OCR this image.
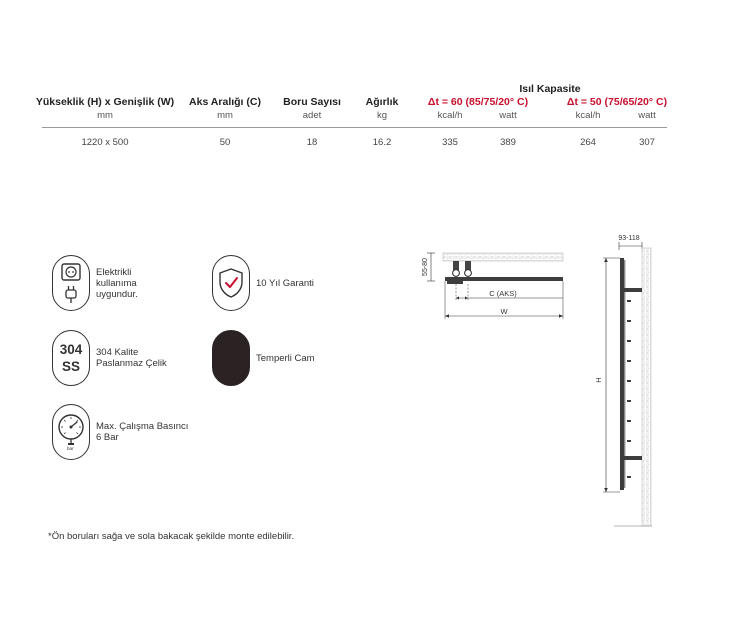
Isıl Kapasite
Yükseklik (H) x Genişlik (W)	Aks Aralığı (C)	Boru Sayısı	Ağırlık	Δt = 60 (85/75/20° C)	Δt = 50 (75/65/20° C)
mm	mm	adet	kg	kcal/h	watt	kcal/h	watt
1220 x 500	50	18	16.2	335	389	264	307
Elektrikli
kullanıma
uygundur.
10 Yıl Garanti
304
SS
304 Kalite
Paslanmaz Çelik	Temperli Cam
Max. Çalışma Basıncı
6 Bar
bar
55-80
C (AKS)
W
93-118
H
*Ön boruları sağa ve sola bakacak şekilde monte edilebilir.
